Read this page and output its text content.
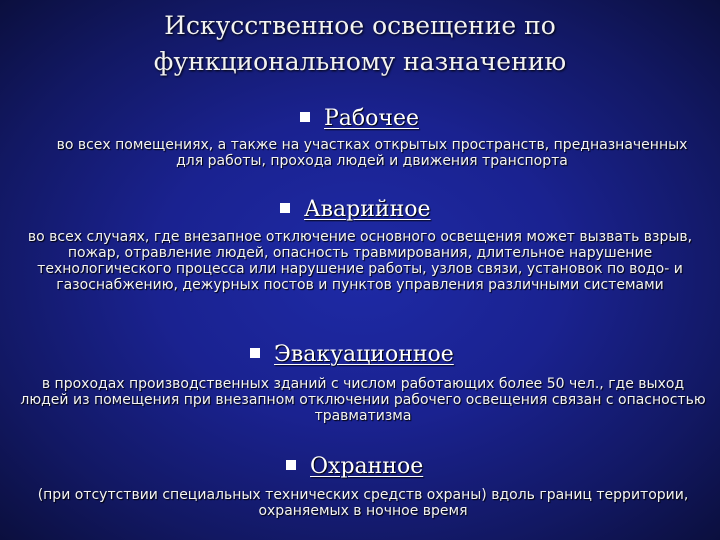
Искусственное освещение по функциональному назначению
Рабочее

во всех помещениях, а также на участках открытых пространств, предназначенных для работы, прохода людей и движения транспорта

Аварийное

во всех случаях, где внезапное отключение основного освещения может вызвать взрыв, пожар, отравление людей, опасность травмирования, длительное нарушение технологического процесса или нарушение работы, узлов связи, установок по водо- и газоснабжению, дежурных постов и пунктов управления различными системами

Эвакуационное

в проходах производственных зданий с числом работающих более 50 чел., где выход людей из помещения при внезапном отключении рабочего освещения связан с опасностью травматизма

Охранное

(при отсутствии специальных технических средств охраны) вдоль границ территории, охраняемых в ночное время
